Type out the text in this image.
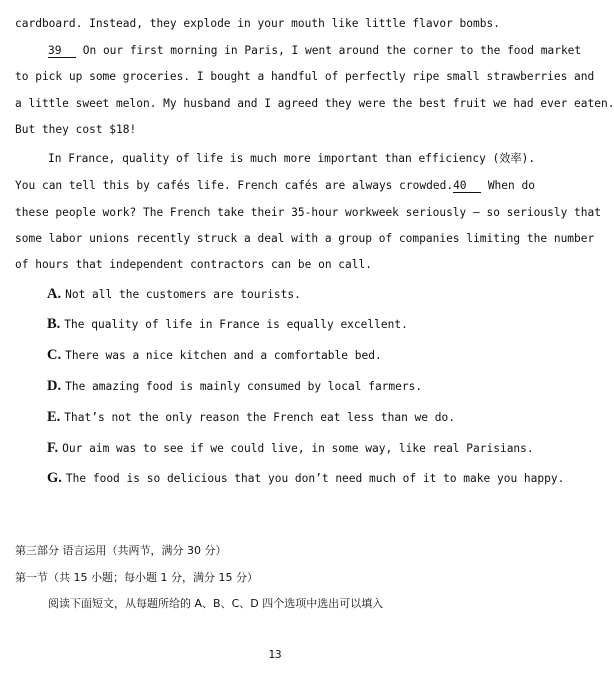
cardboard. Instead, they explode in your mouth like little flavor bombs.
39 On our first morning in Paris, I went around the corner to the food market
to pick up some groceries. I bought a handful of perfectly ripe small strawberries and
a little sweet melon. My husband and I agreed they were the best fruit we had ever eaten.
But they cost $18!
In France, quality of life is much more important than efficiency (效率).
You can tell this by cafés life. French cafés are always crowded.40 When do
these people work? The French take their 35-hour workweek seriously — so seriously that
some labor unions recently struck a deal with a group of companies limiting the number
of hours that independent contractors can be on call.
A. Not all the customers are tourists.
B. The quality of life in France is equally excellent.
C. There was a nice kitchen and a comfortable bed.
D. The amazing food is mainly consumed by local farmers.
E. That’s not the only reason the French eat less than we do.
F. Our aim was to see if we could live, in some way, like real Parisians.
G. The food is so delicious that you don’t need much of it to make you happy.
第三部分 语言运用（共两节，满分 30 分）
第一节（共 15 小题；每小题 1 分，满分 15 分）
阅读下面短文，从每题所给的 A、B、C、D 四个选项中选出可以填入
13
